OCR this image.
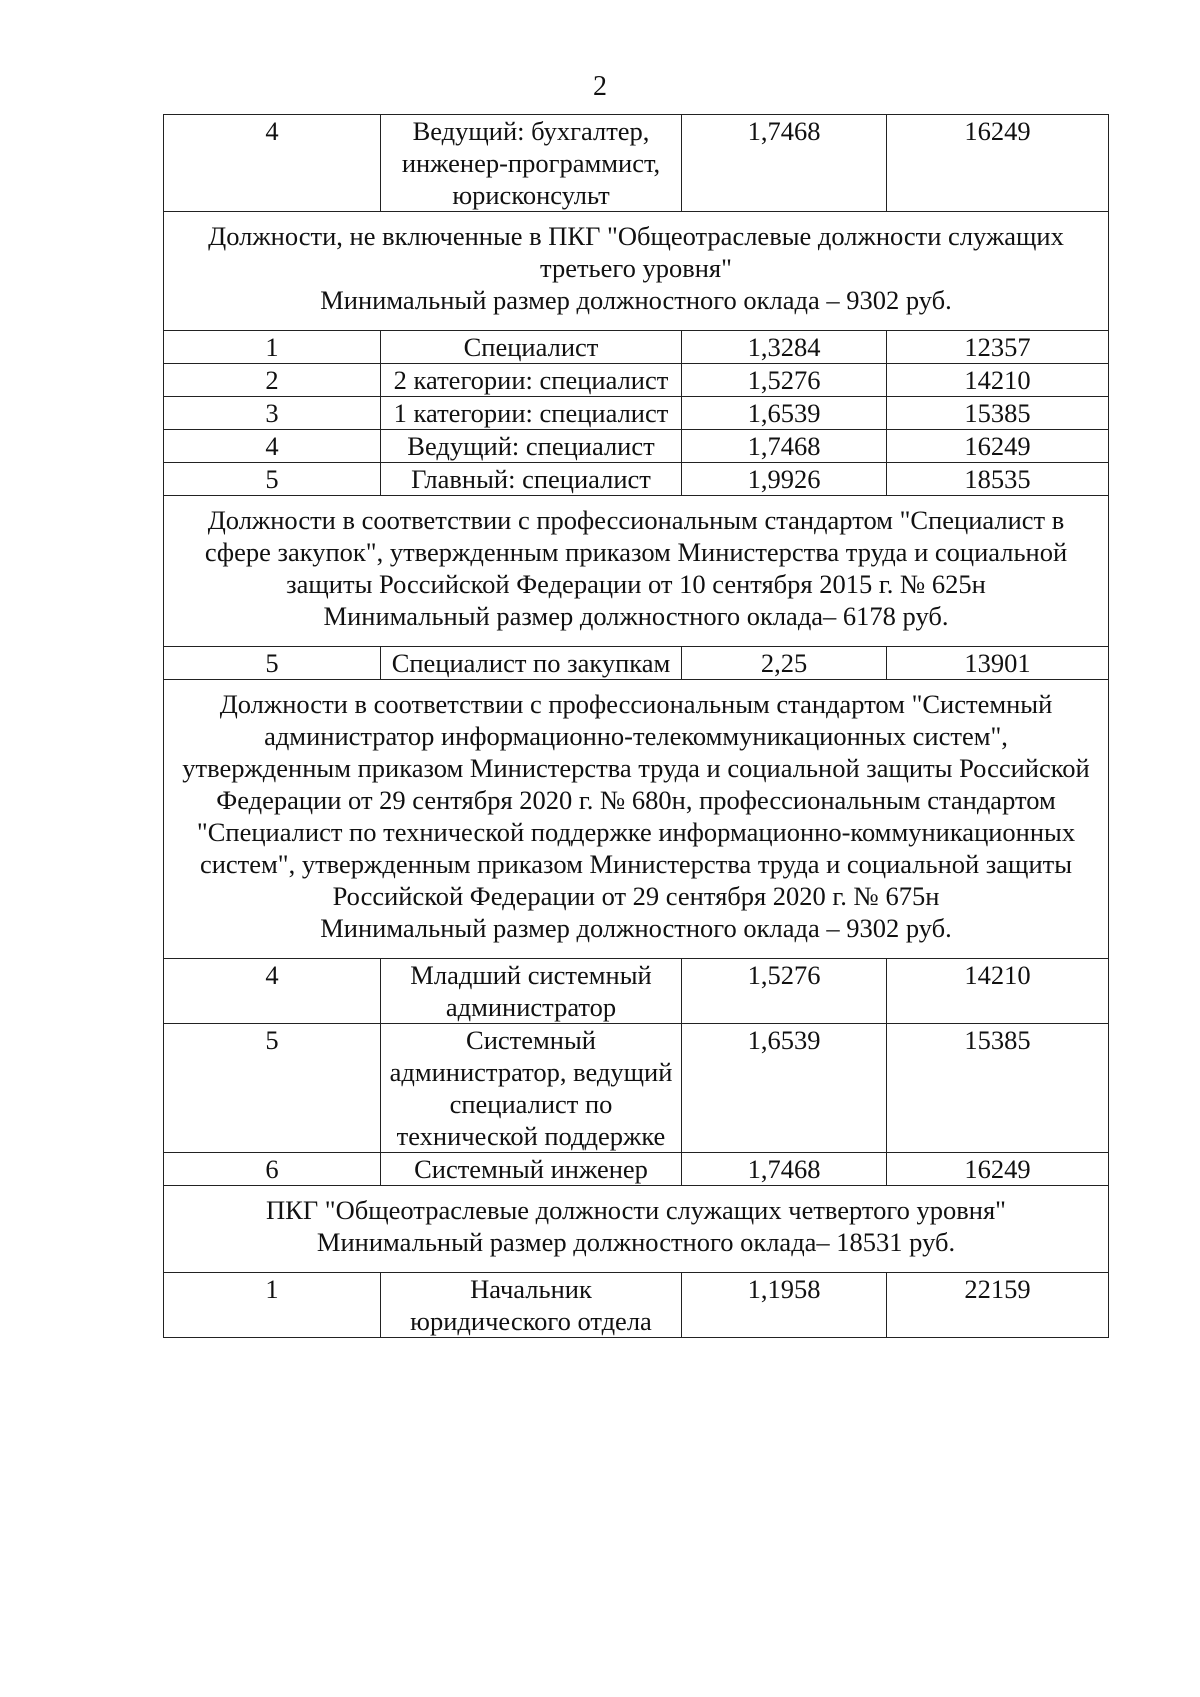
2
4	Ведущий: бухгалтер, инженер-программист, юрисконсульт	1,7468	16249

Должности, не включенные в ПКГ "Общеотраслевые должности служащих третьего уровня"
Минимальный размер должностного оклада – 9302 руб.			

1	Специалист	1,3284	12357
2	2 категории: специалист	1,5276	14210
3	1 категории: специалист	1,6539	15385
4	Ведущий: специалист	1,7468	16249
5	Главный: специалист	1,9926	18535

Должности в соответствии с профессиональным стандартом "Специалист в сфере закупок", утвержденным приказом Министерства труда и социальной защиты Российской Федерации от 10 сентября 2015 г. № 625н
Минимальный размер должностного оклада– 6178 руб.			

5	Специалист по закупкам	2,25	13901

Должности в соответствии с профессиональным стандартом "Системный администратор информационно-телекоммуникационных систем", утвержденным приказом Министерства труда и социальной защиты Российской Федерации от 29 сентября 2020 г. № 680н, профессиональным стандартом "Специалист по технической поддержке информационно-коммуникационных систем", утвержденным приказом Министерства труда и социальной защиты Российской Федерации от 29 сентября 2020 г. № 675н
Минимальный размер должностного оклада – 9302 руб.			

4	Младший системный администратор	1,5276	14210
5	Системный администратор, ведущий специалист по технической поддержке	1,6539	15385
6	Системный инженер	1,7468	16249

ПКГ "Общеотраслевые должности служащих четвертого уровня"
Минимальный размер должностного оклада– 18531 руб.			

1	Начальник юридического отдела	1,1958	22159
